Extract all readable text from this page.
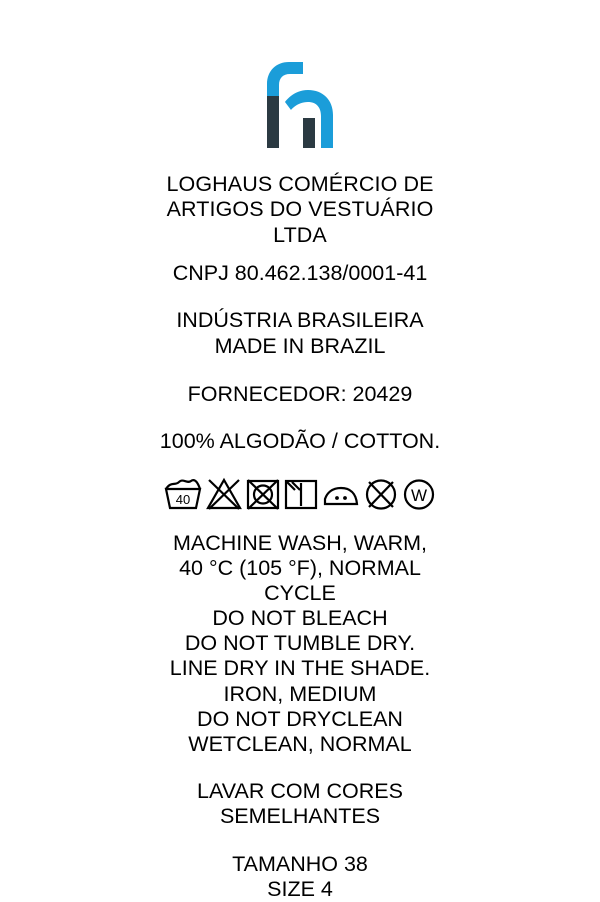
LOGHAUS COMÉRCIO DE
ARTIGOS DO VESTUÁRIO
LTDA
CNPJ 80.462.138/0001-41
INDÚSTRIA BRASILEIRA
MADE IN BRAZIL
FORNECEDOR: 20429
100% ALGODÃO / COTTON.
40	W
MACHINE WASH, WARM,
40 °C (105 °F), NORMAL
CYCLE
DO NOT BLEACH
DO NOT TUMBLE DRY.
LINE DRY IN THE SHADE.
IRON, MEDIUM
DO NOT DRYCLEAN
WETCLEAN, NORMAL
LAVAR COM CORES
SEMELHANTES
TAMANHO 38
SIZE 4
